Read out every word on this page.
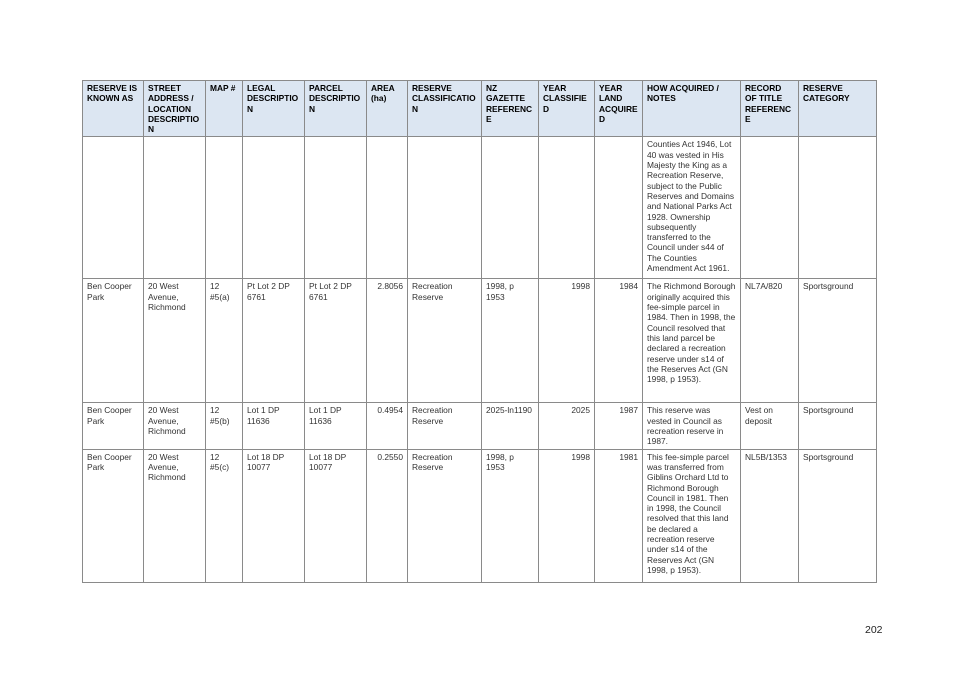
RESERVE IS KNOWN AS	STREET ADDRESS / LOCATION DESCRIPTION	MAP #	LEGAL DESCRIPTION	PARCEL DESCRIPTION	AREA (ha)	RESERVE CLASSIFICATION	NZ GAZETTE REFERENCE	YEAR CLASSIFIED	YEAR LAND ACQUIRED	HOW ACQUIRED / NOTES	RECORD OF TITLE REFERENCE	RESERVE CATEGORY
										Counties Act 1946, Lot 40 was vested in His Majesty the King as a Recreation Reserve, subject to the Public Reserves and Domains and National Parks Act 1928. Ownership subsequently transferred to the Council under s44 of The Counties Amendment Act 1961.		
Ben Cooper Park	20 West Avenue, Richmond	12 #5(a)	Pt Lot 2 DP 6761	Pt Lot 2 DP 6761	2.8056	Recreation Reserve	1998, p 1953	1998	1984	The Richmond Borough originally acquired this fee-simple parcel in 1984. Then in 1998, the Council resolved that this land parcel be declared a recreation reserve under s14 of the Reserves Act (GN 1998, p 1953).	NL7A/820	Sportsground
Ben Cooper Park	20 West Avenue, Richmond	12 #5(b)	Lot 1 DP 11636	Lot 1 DP 11636	0.4954	Recreation Reserve	2025-ln1190	2025	1987	This reserve was vested in Council as recreation reserve in 1987.	Vest on deposit	Sportsground
Ben Cooper Park	20 West Avenue, Richmond	12 #5(c)	Lot 18 DP 10077	Lot 18 DP 10077	0.2550	Recreation Reserve	1998, p 1953	1998	1981	This fee-simple parcel was transferred from Giblins Orchard Ltd to Richmond Borough Council in 1981. Then in 1998, the Council resolved that this land be declared a recreation reserve under s14 of the Reserves Act (GN 1998, p 1953).	NL5B/1353	Sportsground
202
